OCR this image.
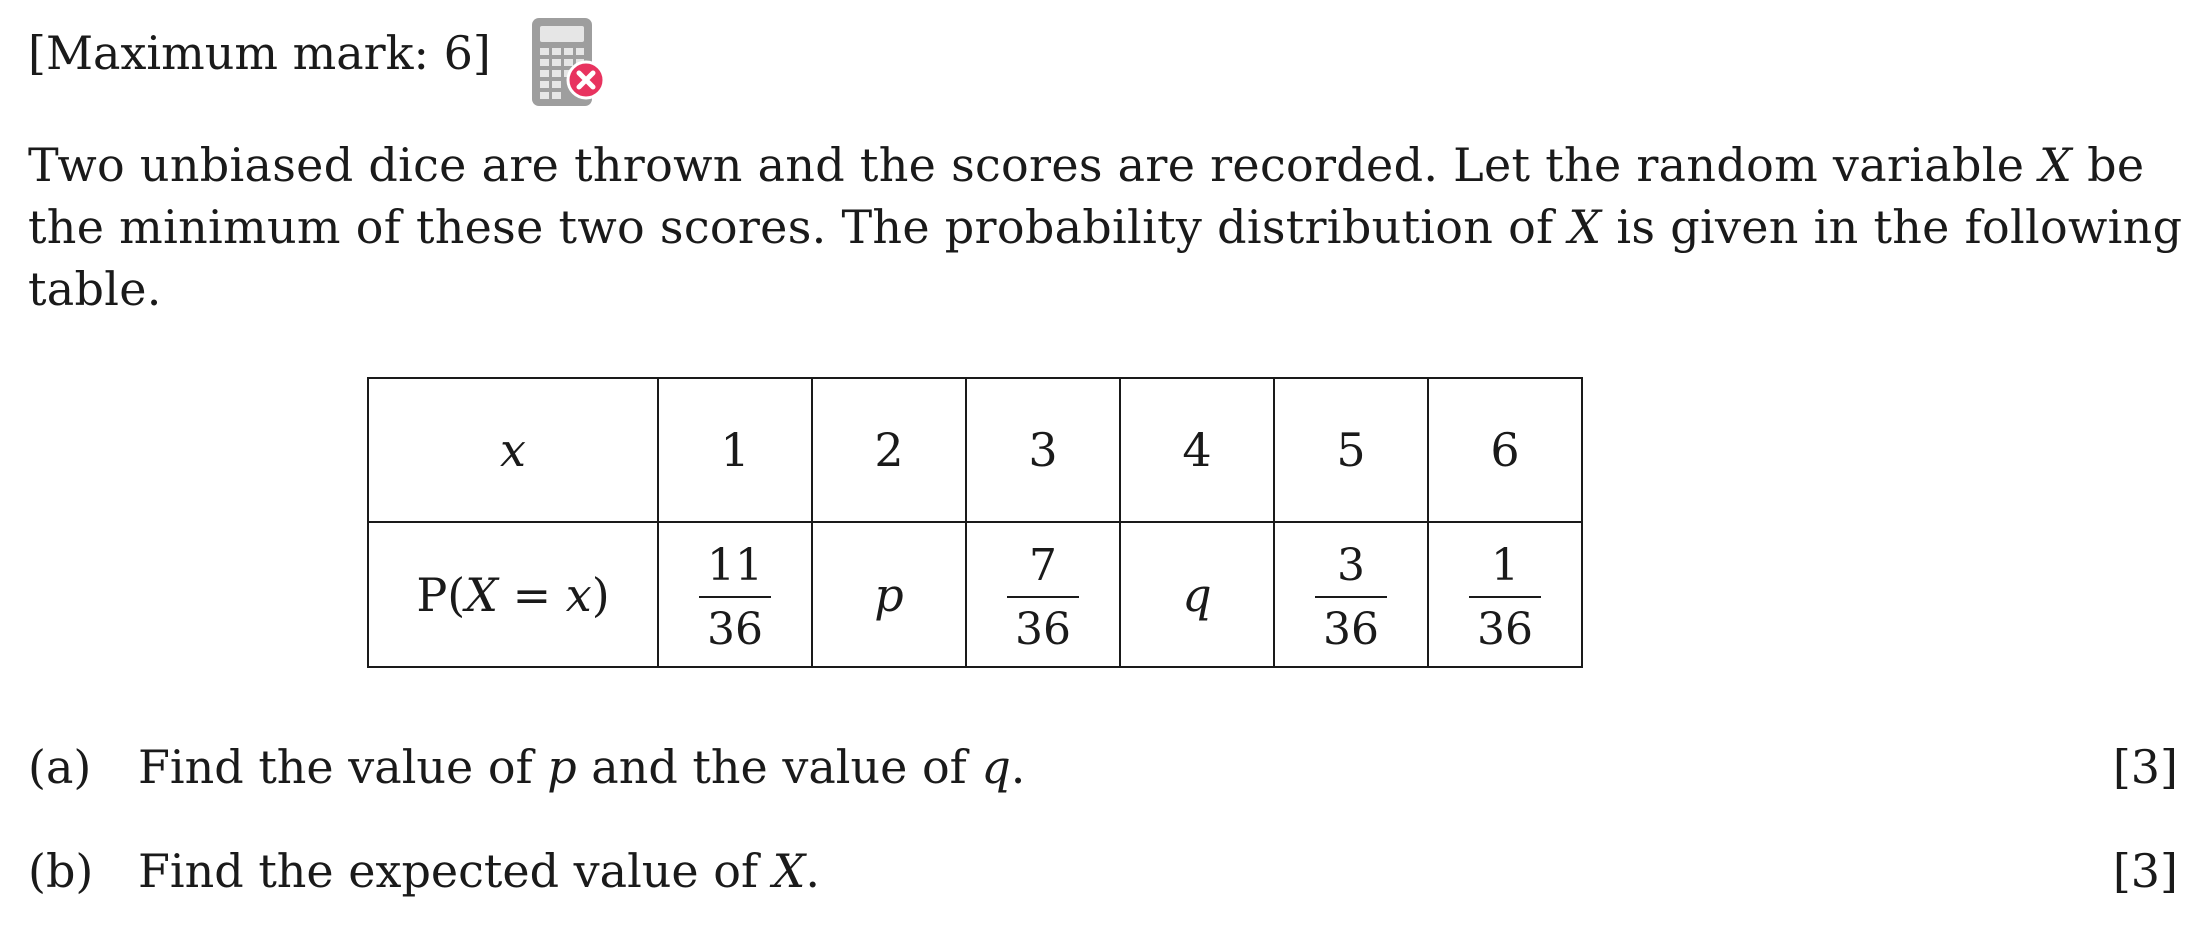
[Maximum mark: 6]
Two unbiased dice are thrown and the scores are recorded. Let the random variable X be
the minimum of these two scores. The probability distribution of X is given in the following
table.
x	1	2	3	4	5	6
P(X = x)	$\frac{11}{36}$	p	$\frac{7}{36}$	q	$\frac{3}{36}$	$\frac{1}{36}$
(a) Find the value of p and the value of q.	[3]
(b) Find the expected value of X.	[3]
